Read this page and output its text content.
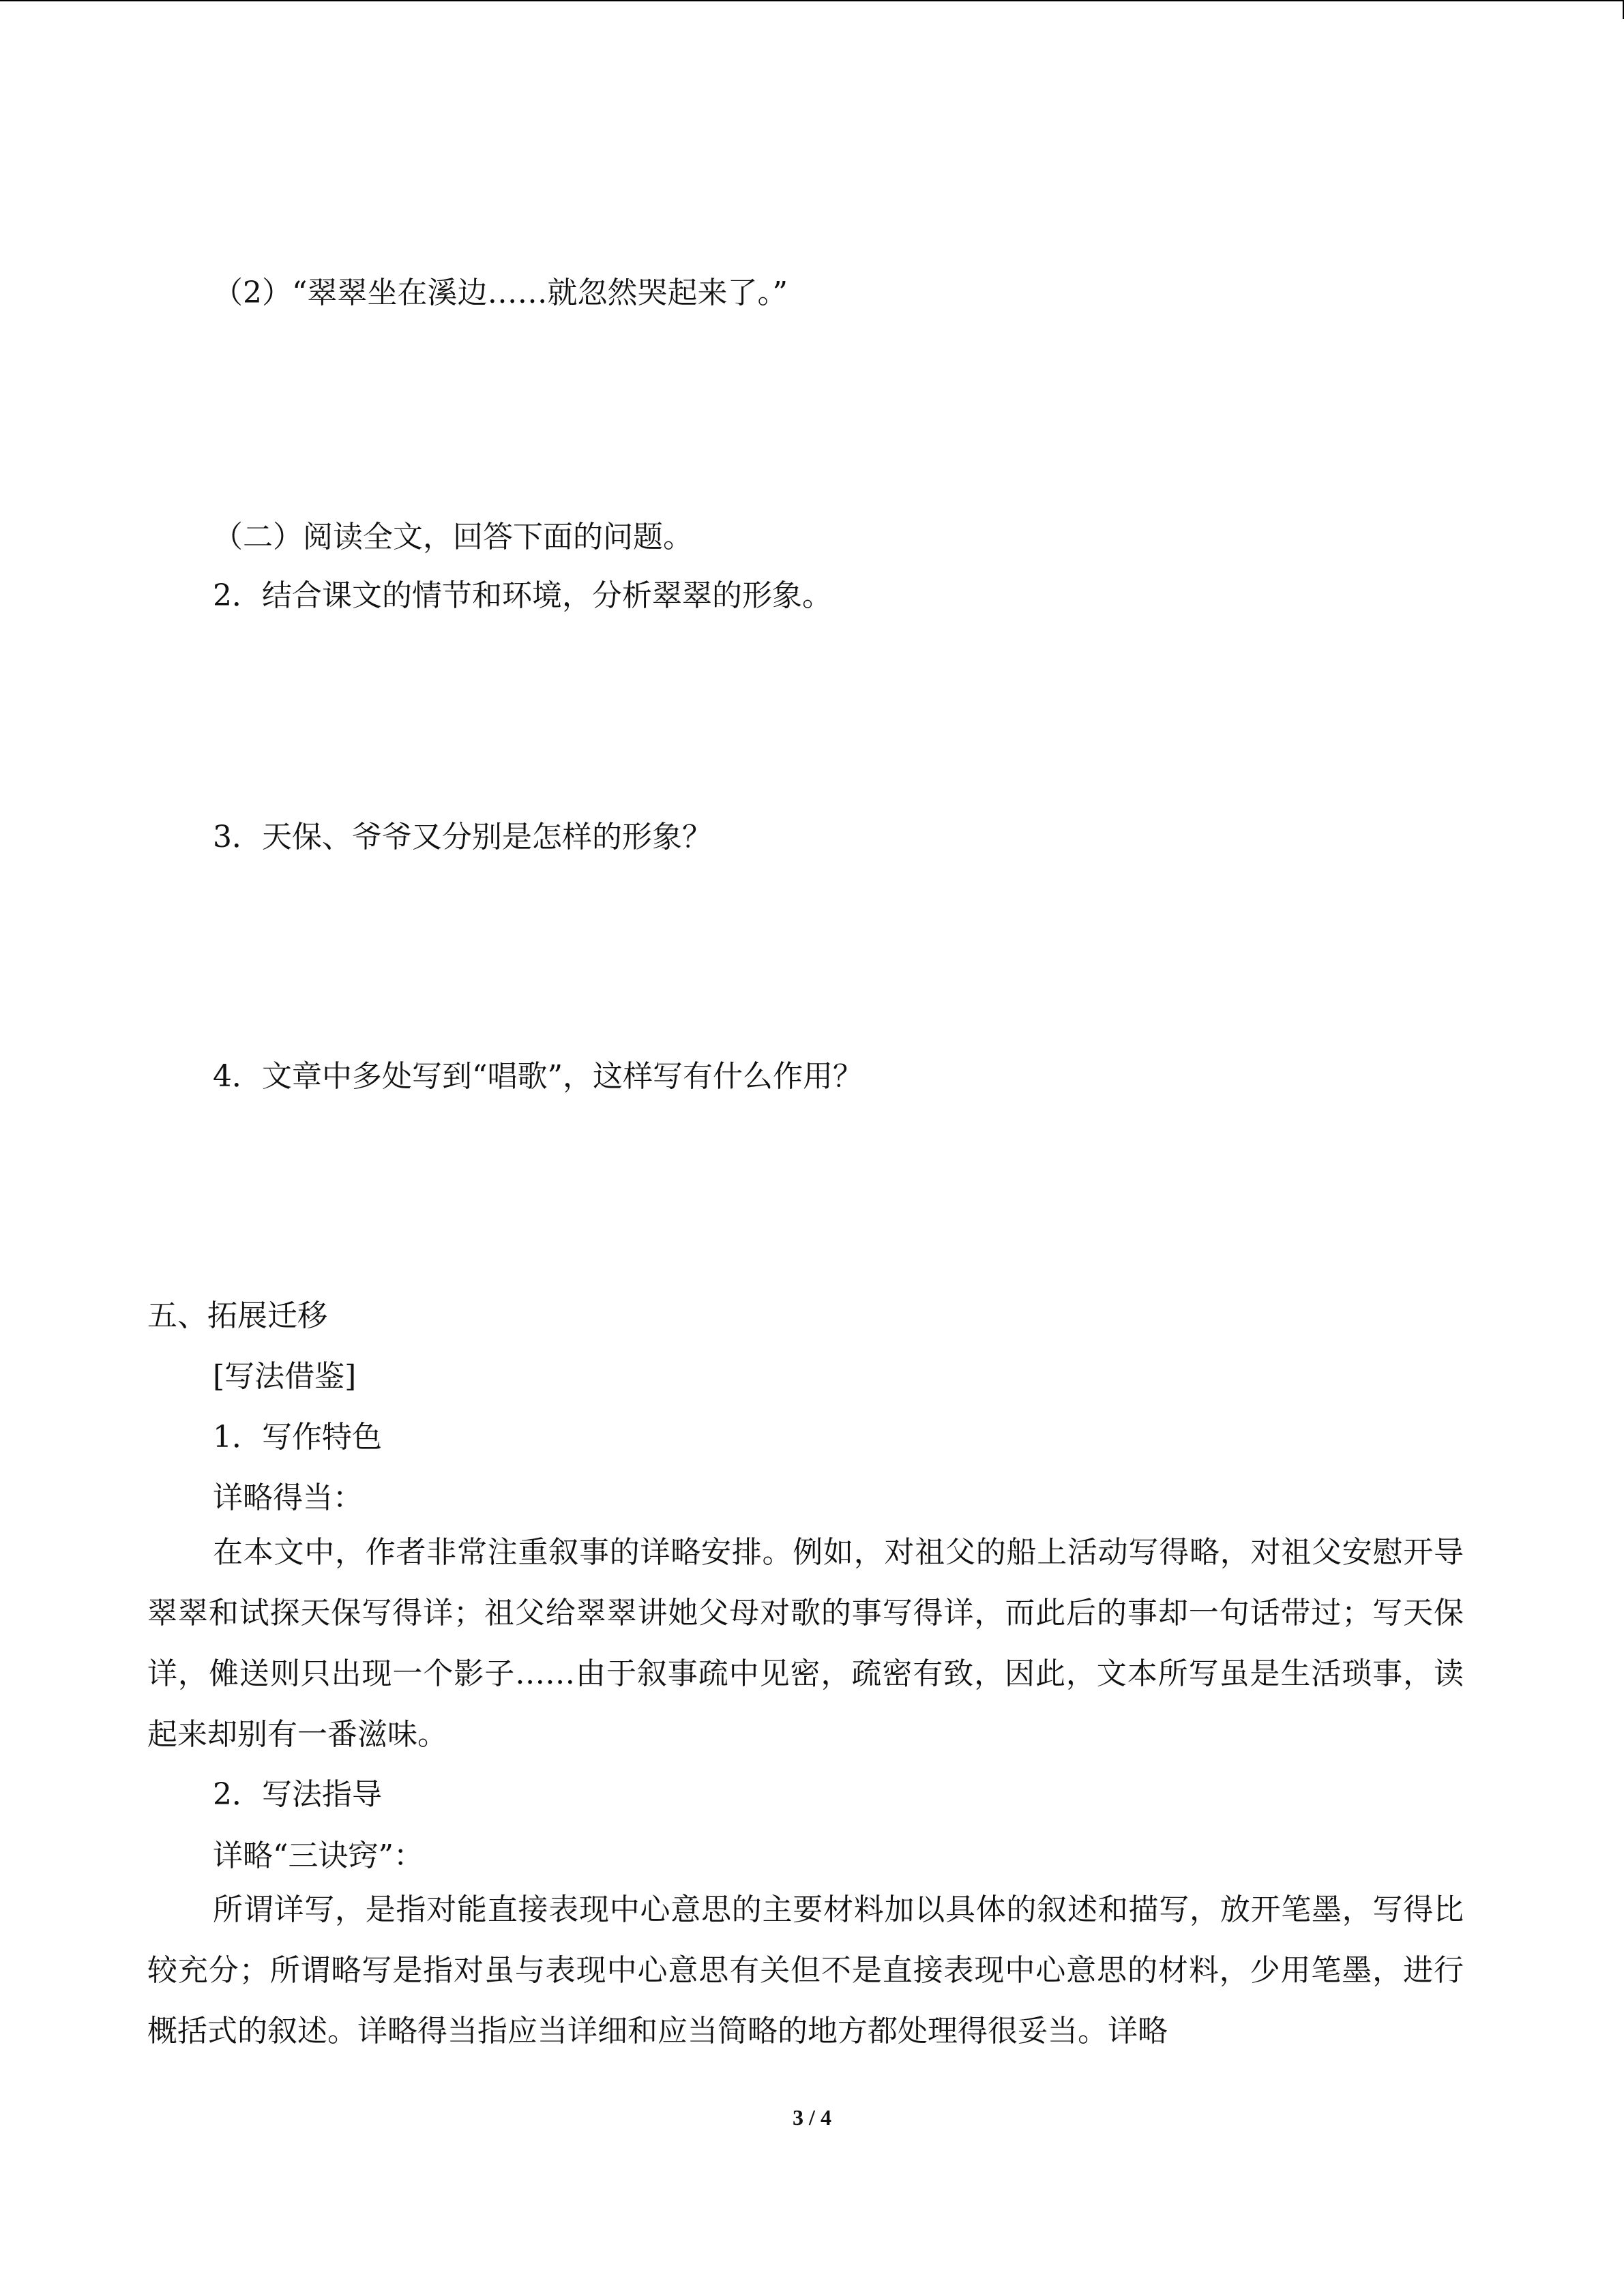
（2）“翠翠坐在溪边……就忽然哭起来了。”

（二）阅读全文，回答下面的问题。

2．结合课文的情节和环境，分析翠翠的形象。

3．天保、爷爷又分别是怎样的形象？

4．文章中多处写到“唱歌”，这样写有什么作用？

五、拓展迁移

[写法借鉴]

1．写作特色

详略得当：

在本文中，作者非常注重叙事的详略安排。例如，对祖父的船上活动写得略，对祖父安慰开导翠翠和试探天保写得详；祖父给翠翠讲她父母对歌的事写得详，而此后的事却一句话带过；写天保详，傩送则只出现一个影子……由于叙事疏中见密，疏密有致，因此，文本所写虽是生活琐事，读起来却别有一番滋味。

2．写法指导

详略“三诀窍”：

所谓详写，是指对能直接表现中心意思的主要材料加以具体的叙述和描写，放开笔墨，写得比较充分；所谓略写是指对虽与表现中心意思有关但不是直接表现中心意思的材料，少用笔墨，进行概括式的叙述。详略得当指应当详细和应当简略的地方都处理得很妥当。详略

3 / 4
